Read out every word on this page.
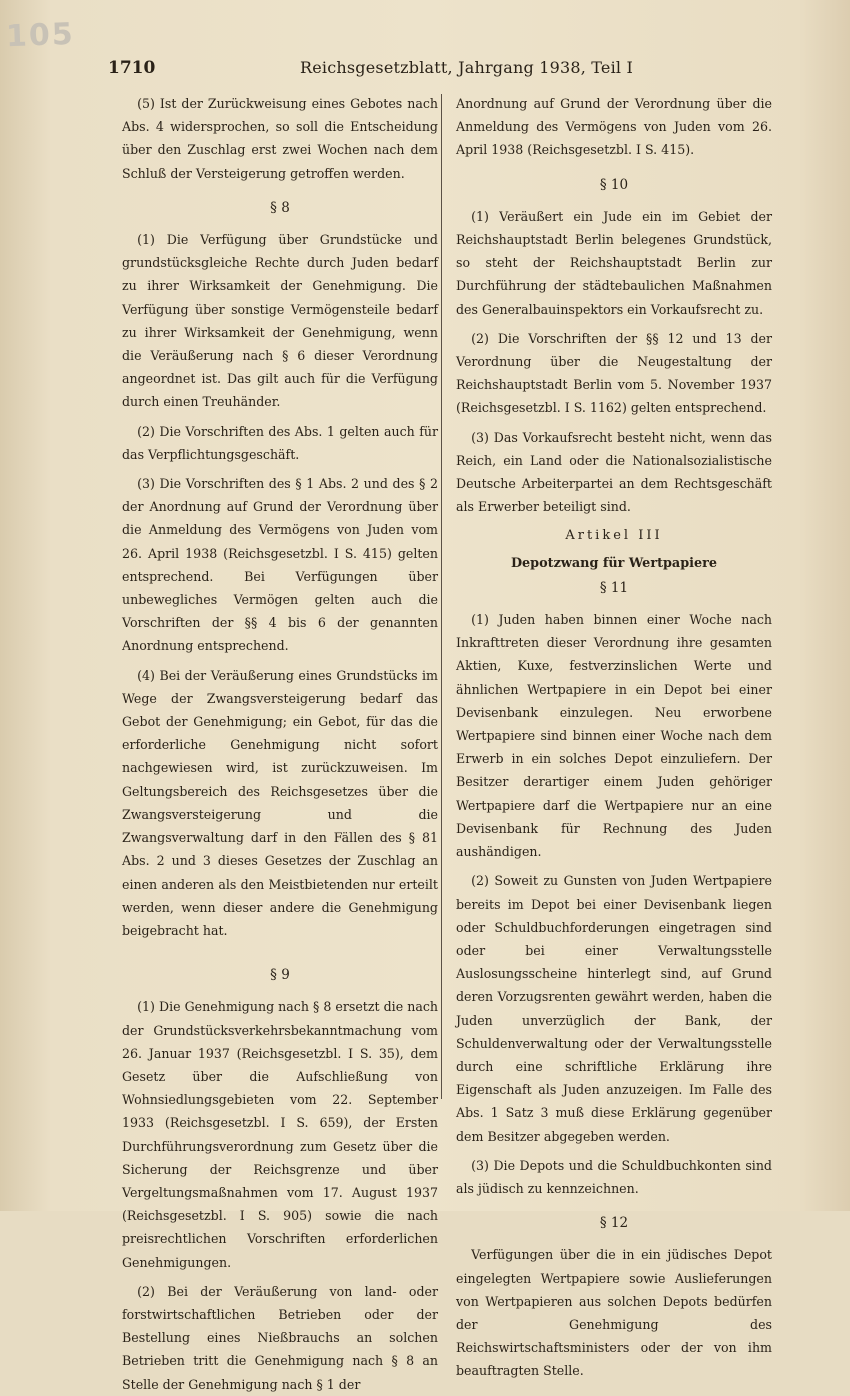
105
1710	Reichsgesetzblatt, Jahrgang 1938, Teil I

(5) Ist der Zurückweisung eines Gebotes nach Abs. 4 widersprochen, so soll die Entscheidung über den Zuschlag erst zwei Wochen nach dem Schluß der Versteigerung getroffen werden.

§ 8

(1) Die Verfügung über Grundstücke und grundstücksgleiche Rechte durch Juden bedarf zu ihrer Wirksamkeit der Genehmigung. Die Verfügung über sonstige Vermögensteile bedarf zu ihrer Wirksamkeit der Genehmigung, wenn die Veräußerung nach § 6 dieser Verordnung angeordnet ist. Das gilt auch für die Verfügung durch einen Treuhänder.

(2) Die Vorschriften des Abs. 1 gelten auch für das Verpflichtungsgeschäft.

(3) Die Vorschriften des § 1 Abs. 2 und des § 2 der Anordnung auf Grund der Verordnung über die Anmeldung des Vermögens von Juden vom 26. April 1938 (Reichsgesetzbl. I S. 415) gelten entsprechend. Bei Verfügungen über unbewegliches Vermögen gelten auch die Vorschriften der §§ 4 bis 6 der genannten Anordnung entsprechend.

(4) Bei der Veräußerung eines Grundstücks im Wege der Zwangsversteigerung bedarf das Gebot der Genehmigung; ein Gebot, für das die erforderliche Genehmigung nicht sofort nachgewiesen wird, ist zurückzuweisen. Im Geltungsbereich des Reichsgesetzes über die Zwangsversteigerung und die Zwangsverwaltung darf in den Fällen des § 81 Abs. 2 und 3 dieses Gesetzes der Zuschlag an einen anderen als den Meistbietenden nur erteilt werden, wenn dieser andere die Genehmigung beigebracht hat.

§ 9

(1) Die Genehmigung nach § 8 ersetzt die nach der Grundstücksverkehrsbekanntmachung vom 26. Januar 1937 (Reichsgesetzbl. I S. 35), dem Gesetz über die Aufschließung von Wohnsiedlungsgebieten vom 22. September 1933 (Reichsgesetzbl. I S. 659), der Ersten Durchführungsverordnung zum Gesetz über die Sicherung der Reichsgrenze und über Vergeltungsmaßnahmen vom 17. August 1937 (Reichsgesetzbl. I S. 905) sowie die nach preisrechtlichen Vorschriften erforderlichen Genehmigungen.

(2) Bei der Veräußerung von land- oder forstwirtschaftlichen Betrieben oder der Bestellung eines Nießbrauchs an solchen Betrieben tritt die Genehmigung nach § 8 an Stelle der Genehmigung nach § 1 der

Anordnung auf Grund der Verordnung über die Anmeldung des Vermögens von Juden vom 26. April 1938 (Reichsgesetzbl. I S. 415).

§ 10

(1) Veräußert ein Jude ein im Gebiet der Reichshauptstadt Berlin belegenes Grundstück, so steht der Reichshauptstadt Berlin zur Durchführung der städtebaulichen Maßnahmen des Generalbauinspektors ein Vorkaufsrecht zu.

(2) Die Vorschriften der §§ 12 und 13 der Verordnung über die Neugestaltung der Reichshauptstadt Berlin vom 5. November 1937 (Reichsgesetzbl. I S. 1162) gelten entsprechend.

(3) Das Vorkaufsrecht besteht nicht, wenn das Reich, ein Land oder die Nationalsozialistische Deutsche Arbeiterpartei an dem Rechtsgeschäft als Erwerber beteiligt sind.

Artikel III
Depotzwang für Wertpapiere
§ 11

(1) Juden haben binnen einer Woche nach Inkrafttreten dieser Verordnung ihre gesamten Aktien, Kuxe, festverzinslichen Werte und ähnlichen Wertpapiere in ein Depot bei einer Devisenbank einzulegen. Neu erworbene Wertpapiere sind binnen einer Woche nach dem Erwerb in ein solches Depot einzuliefern. Der Besitzer derartiger einem Juden gehöriger Wertpapiere darf die Wertpapiere nur an eine Devisenbank für Rechnung des Juden aushändigen.

(2) Soweit zu Gunsten von Juden Wertpapiere bereits im Depot bei einer Devisenbank liegen oder Schuldbuchforderungen eingetragen sind oder bei einer Verwaltungsstelle Auslosungsscheine hinterlegt sind, auf Grund deren Vorzugsrenten gewährt werden, haben die Juden unverzüglich der Bank, der Schuldenverwaltung oder der Verwaltungsstelle durch eine schriftliche Erklärung ihre Eigenschaft als Juden anzuzeigen. Im Falle des Abs. 1 Satz 3 muß diese Erklärung gegenüber dem Besitzer abgegeben werden.

(3) Die Depots und die Schuldbuchkonten sind als jüdisch zu kennzeichnen.

§ 12

Verfügungen über die in ein jüdisches Depot eingelegten Wertpapiere sowie Auslieferungen von Wertpapieren aus solchen Depots bedürfen der Genehmigung des Reichswirtschaftsministers oder der von ihm beauftragten Stelle.
